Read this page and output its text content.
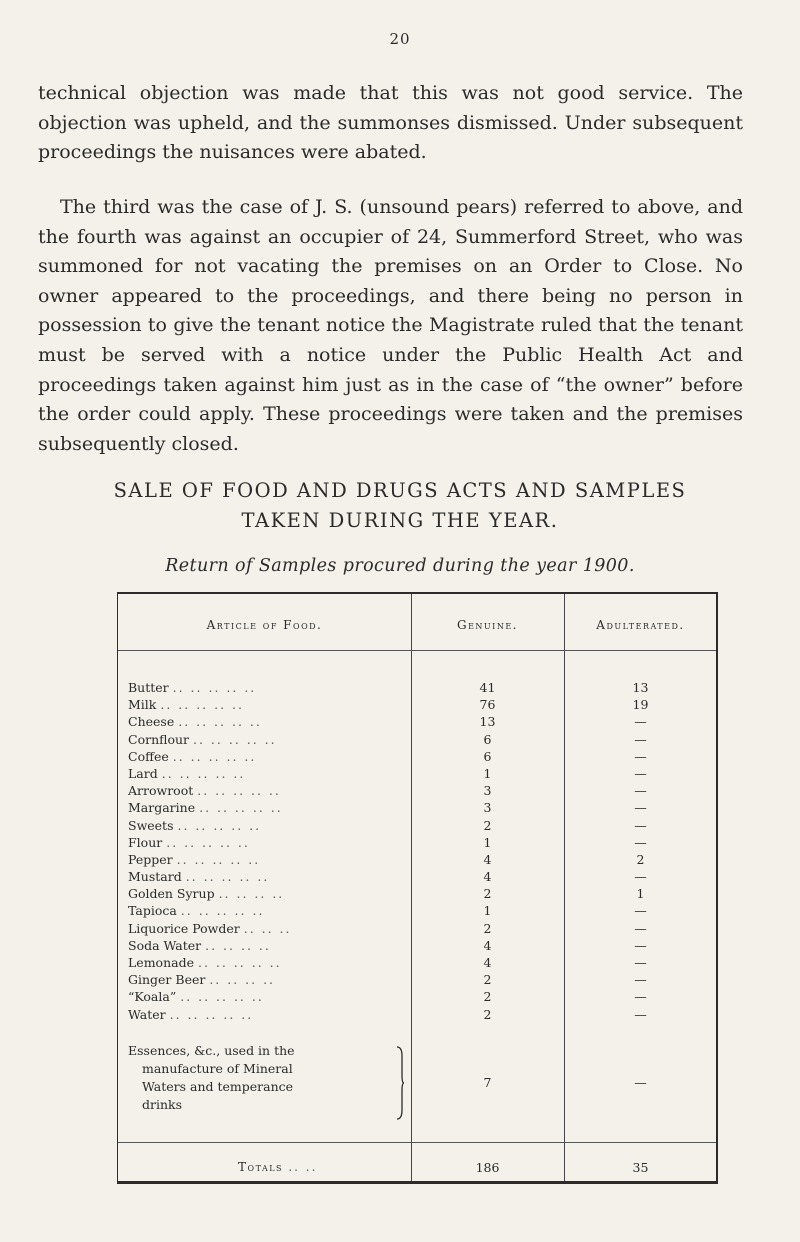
20

technical objection was made that this was not good service. The objection was upheld, and the summonses dismissed. Under subsequent proceedings the nuisances were abated.

The third was the case of J. S. (unsound pears) referred to above, and the fourth was against an occupier of 24, Summerford Street, who was summoned for not vacating the premises on an Order to Close. No owner appeared to the proceedings, and there being no person in possession to give the tenant notice the Magistrate ruled that the tenant must be served with a notice under the Public Health Act and proceedings taken against him just as in the case of “the owner” before the order could apply. These proceedings were taken and the premises subsequently closed.

SALE OF FOOD AND DRUGS ACTS AND SAMPLES
TAKEN DURING THE YEAR.
Return of Samples procured during the year 1900.
Article of Food.	Genuine.	Adulterated.
Butter .. .. .. .. ..	41	13
Milk .. .. .. .. ..	76	19
Cheese .. .. .. .. ..	13	—
Cornflour .. .. .. .. ..	6	—
Coffee .. .. .. .. ..	6	—
Lard .. .. .. .. ..	1	—
Arrowroot .. .. .. .. ..	3	—
Margarine .. .. .. .. ..	3	—
Sweets .. .. .. .. ..	2	—
Flour .. .. .. .. ..	1	—
Pepper .. .. .. .. ..	4	2
Mustard .. .. .. .. ..	4	—
Golden Syrup .. .. .. ..	2	1
Tapioca .. .. .. .. ..	1	—
Liquorice Powder .. .. ..	2	—
Soda Water .. .. .. ..	4	—
Lemonade .. .. .. .. ..	4	—
Ginger Beer .. .. .. ..	2	—
“Koala” .. .. .. .. ..	2	—
Water .. .. .. .. ..	2	—
Essences, &c., used in the
manufacture of Mineral
Waters and temperance
drinks
7	—
Totals .. ..	186	35
